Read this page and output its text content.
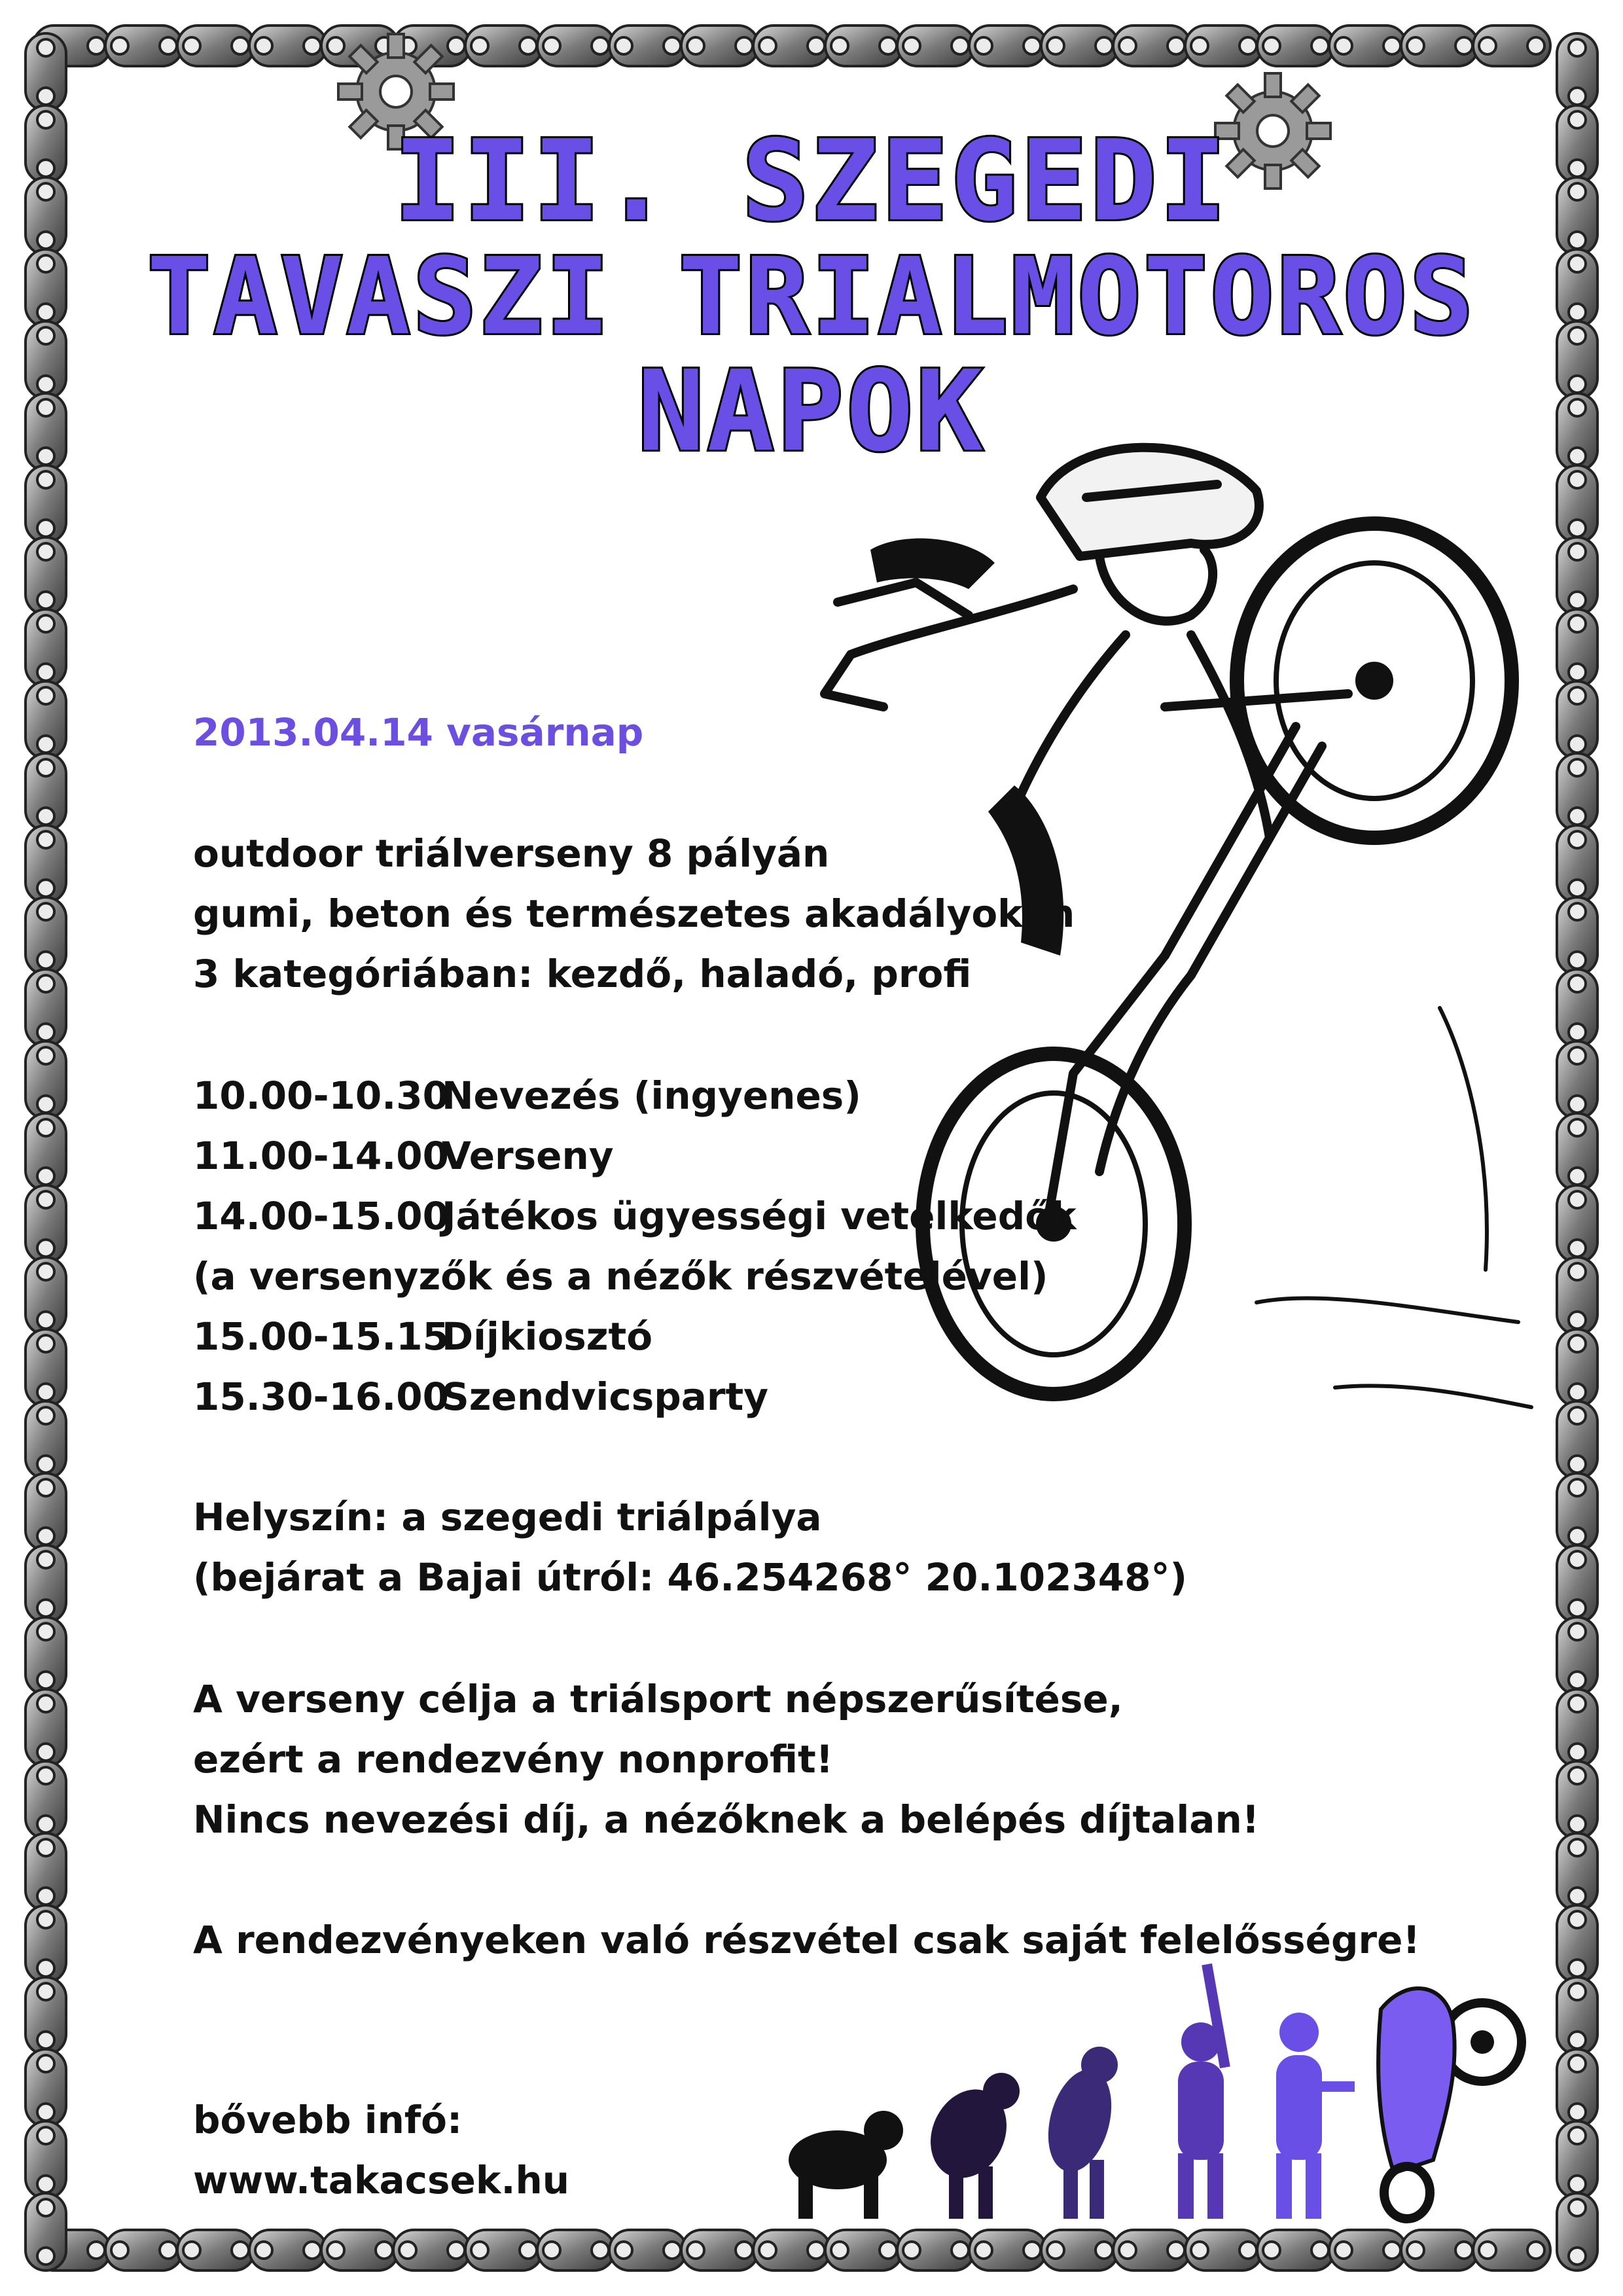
III. SZEGEDI
TAVASZI TRIALMOTOROS
NAPOK
2013.04.14 vasárnap
outdoor triálverseny 8 pályán
gumi, beton és természetes akadályokon
3 kategóriában: kezdő, haladó, profi
10.00-10.30Nevezés (ingyenes)
11.00-14.00Verseny
14.00-15.00Játékos ügyességi vetélkedők
(a versenyzők és a nézők részvételével)
15.00-15.15Díjkiosztó
15.30-16.00Szendvicsparty
Helyszín: a szegedi triálpálya
(bejárat a Bajai útról: 46.254268° 20.102348°)
A verseny célja a triálsport népszerűsítése,
ezért a rendezvény nonprofit!
Nincs nevezési díj, a nézőknek a belépés díjtalan!
A rendezvényeken való részvétel csak saját felelősségre!
bővebb infó:
www.takacsek.hu
